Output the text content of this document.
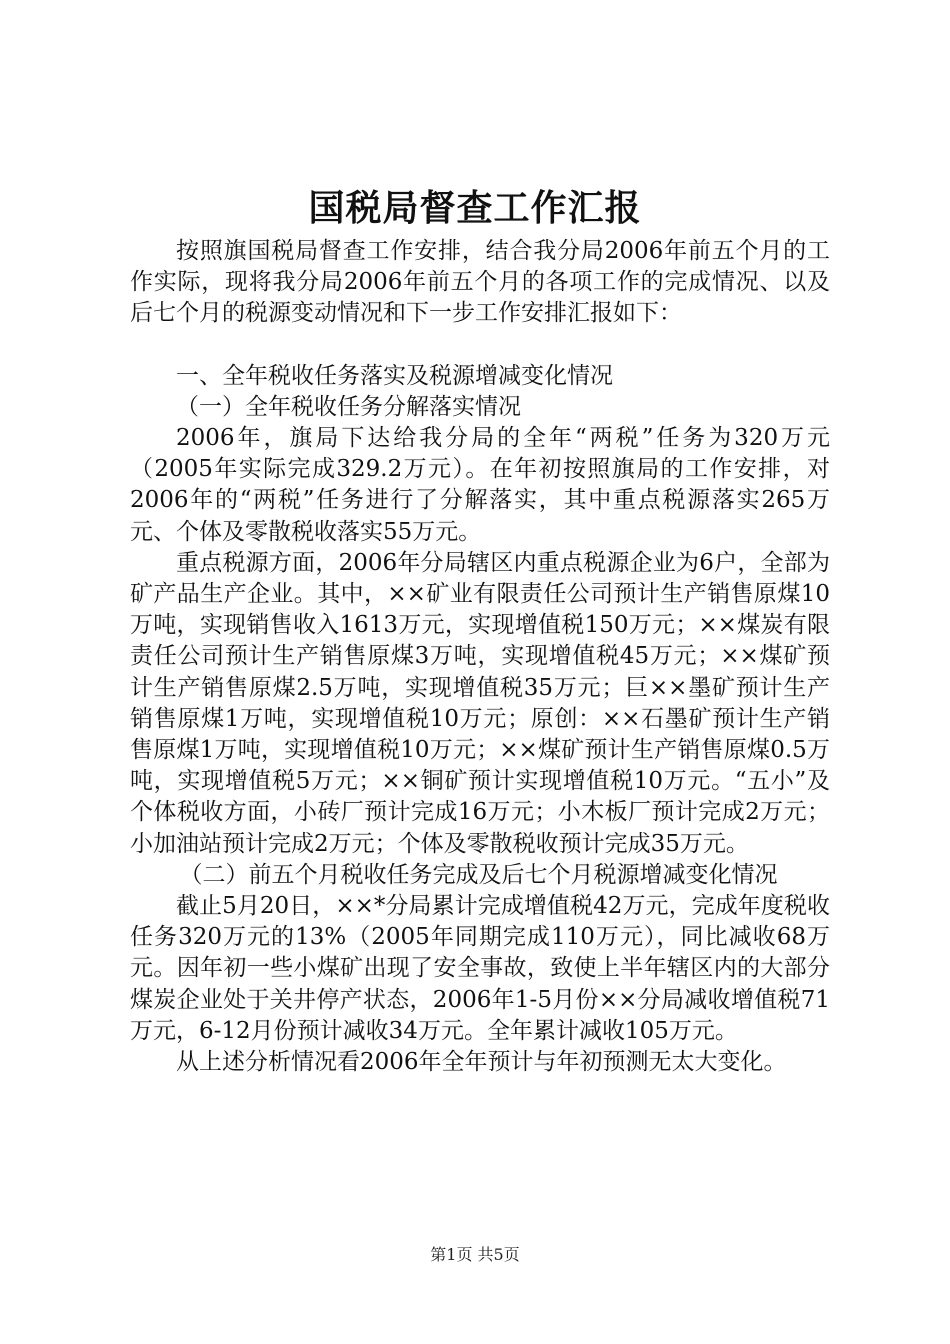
国税局督查工作汇报

按照旗国税局督查工作安排，结合我分局2006年前五个月的工作实际，现将我分局2006年前五个月的各项工作的完成情况、以及后七个月的税源变动情况和下一步工作安排汇报如下：

一、全年税收任务落实及税源增减变化情况

（一）全年税收任务分解落实情况

2006年，旗局下达给我分局的全年“两税”任务为320万元（2005年实际完成329.2万元）。在年初按照旗局的工作安排，对2006年的“两税”任务进行了分解落实，其中重点税源落实265万元、个体及零散税收落实55万元。

重点税源方面，2006年分局辖区内重点税源企业为6户，全部为矿产品生产企业。其中，××矿业有限责任公司预计生产销售原煤10万吨，实现销售收入1613万元，实现增值税150万元；××煤炭有限责任公司预计生产销售原煤3万吨，实现增值税45万元；××煤矿预计生产销售原煤2.5万吨，实现增值税35万元；巨××墨矿预计生产销售原煤1万吨，实现增值税10万元；原创：××石墨矿预计生产销售原煤1万吨，实现增值税10万元；××煤矿预计生产销售原煤0.5万吨，实现增值税5万元；××铜矿预计实现增值税10万元。“五小”及个体税收方面，小砖厂预计完成16万元；小木板厂预计完成2万元；小加油站预计完成2万元；个体及零散税收预计完成35万元。

（二）前五个月税收任务完成及后七个月税源增减变化情况

截止5月20日，××*分局累计完成增值税42万元，完成年度税收任务320万元的13%（2005年同期完成110万元），同比减收68万元。因年初一些小煤矿出现了安全事故，致使上半年辖区内的大部分煤炭企业处于关井停产状态，2006年1-5月份××分局减收增值税71万元，6-12月份预计减收34万元。全年累计减收105万元。

从上述分析情况看2006年全年预计与年初预测无太大变化。

第1页 共5页
